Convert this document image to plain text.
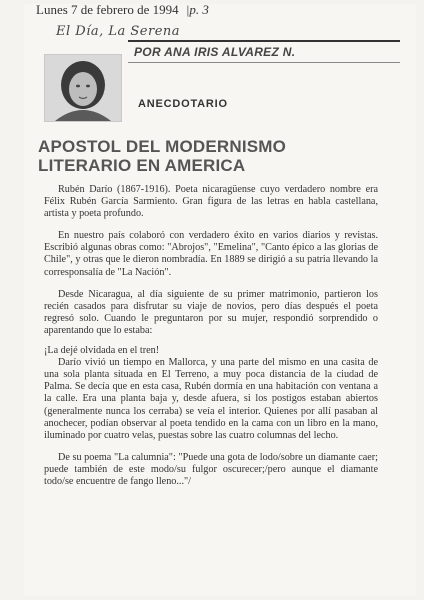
Lunes 7 de febrero de 1994 |p. 3
El Día, La Serena
POR ANA IRIS ALVAREZ N.
ANECDOTARIO
APOSTOL DEL MODERNISMO
LITERARIO EN AMERICA

Rubén Darío (1867-1916). Poeta nicaragüense cuyo verdadero nombre era Félix Rubén García Sarmiento. Gran figura de las letras en habla castellana, artista y poeta profundo.

En nuestro país colaboró con verdadero éxito en varios diarios y revistas. Escribió algunas obras como: "Abrojos", "Emelina", "Canto épico a las glorias de Chile", y otras que le dieron nombradía. En 1889 se dirigió a su patria llevando la corresponsalía de "La Nación".

Desde Nicaragua, al día siguiente de su primer matrimonio, partieron los recién casados para disfrutar su viaje de novios, pero días después el poeta regresó solo. Cuando le preguntaron por su mujer, respondió sorprendido o aparentando que lo estaba:

¡La dejé olvidada en el tren!

Darío vivió un tiempo en Mallorca, y una parte del mismo en una casita de una sola planta situada en El Terreno, a muy poca distancia de la ciudad de Palma. Se decía que en esta casa, Rubén dormía en una habitación con ventana a la calle. Era una planta baja y, desde afuera, si los postigos estaban abiertos (generalmente nunca los cerraba) se veía el interior. Quienes por allí pasaban al anochecer, podían observar al poeta tendido en la cama con un libro en la mano, iluminado por cuatro velas, puestas sobre las cuatro columnas del lecho.

De su poema "La calumnia": "Puede una gota de lodo/sobre un diamante caer; puede también de este modo/su fulgor oscurecer;/pero aunque el diamante todo/se encuentre de fango lleno..."/
